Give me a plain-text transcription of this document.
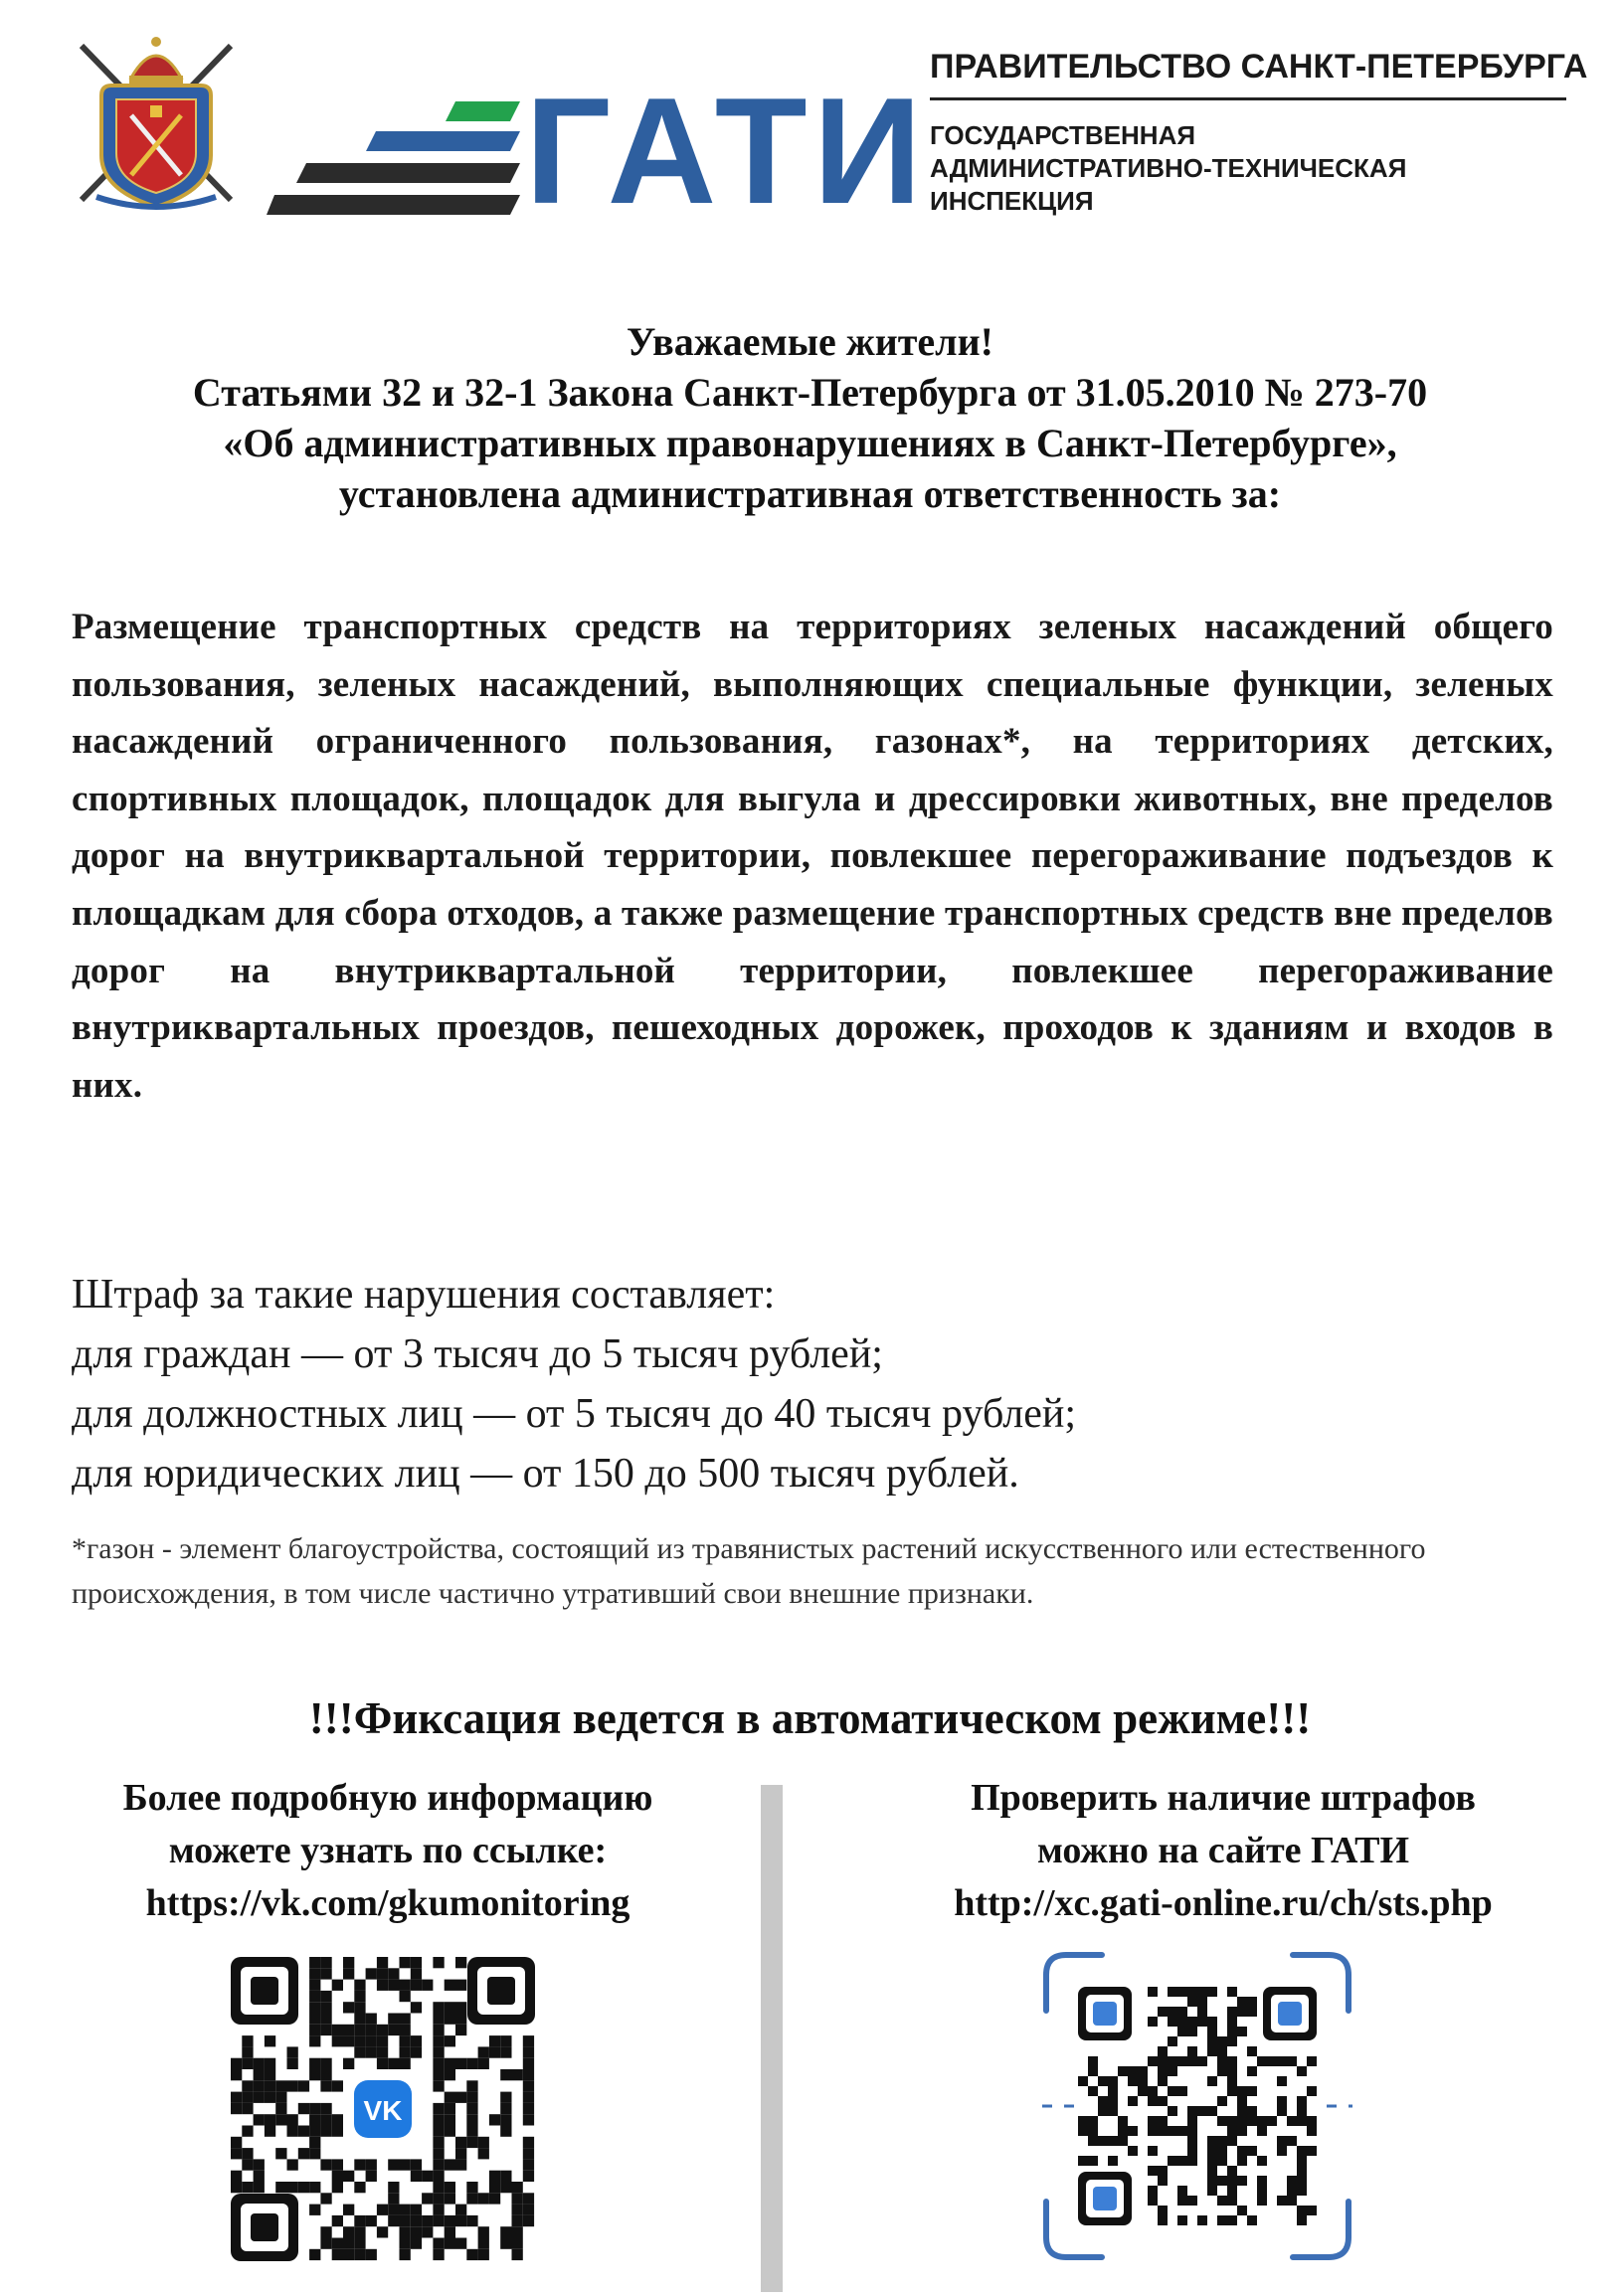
ГАТИ ПРАВИТЕЛЬСТВО САНКТ-ПЕТЕРБУРГА
ГОСУДАРСТВЕННАЯ
АДМИНИСТРАТИВНО-ТЕХНИЧЕСКАЯ
ИНСПЕКЦИЯ
Уважаемые жители!
Статьями 32 и 32-1 Закона Санкт-Петербурга от 31.05.2010 № 273-70
«Об административных правонарушениях в Санкт-Петербурге»,
установлена административная ответственность за:
Размещение транспортных средств на территориях зеленых насаждений общего пользования, зеленых насаждений, выполняющих специальные функции, зеленых насаждений ограниченного пользования, газонах*, на территориях детских, спортивных площадок, площадок для выгула и дрессировки животных, вне пределов дорог на внутриквартальной территории, повлекшее перегораживание подъездов к площадкам для сбора отходов, а также размещение транспортных средств вне пределов дорог на внутриквартальной территории, повлекшее перегораживание внутриквартальных проездов, пешеходных дорожек, проходов к зданиям и входов в них.
Штраф за такие нарушения составляет:
для граждан — от 3 тысяч до 5 тысяч рублей;
для должностных лиц — от 5 тысяч до 40 тысяч рублей;
для юридических лиц — от 150 до 500 тысяч рублей.
*газон - элемент благоустройства, состоящий из травянистых растений искусственного или естественного происхождения, в том числе частично утративший свои внешние признаки.
!!!Фиксация ведется в автоматическом режиме!!!
Более подробную информацию
можете узнать по ссылке:
https://vk.com/gkumonitoring
VK
Проверить наличие штрафов
можно на сайте ГАТИ
http://xc.gati-online.ru/ch/sts.php
